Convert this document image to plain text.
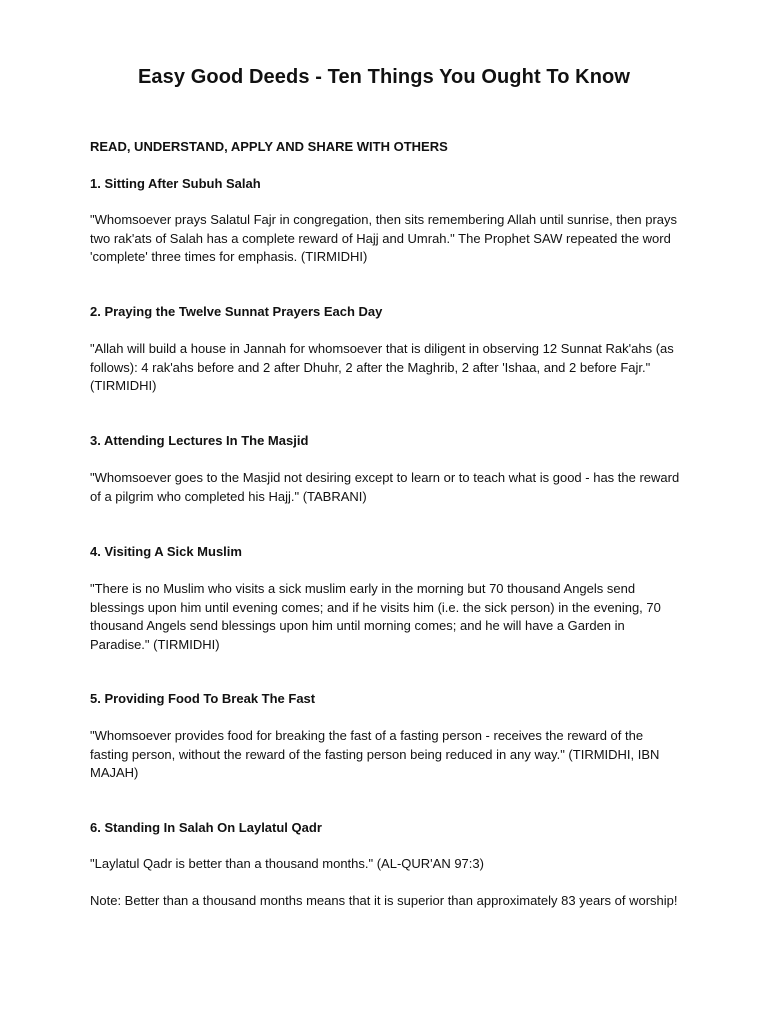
Easy Good Deeds - Ten Things You Ought To Know

READ, UNDERSTAND, APPLY AND SHARE WITH OTHERS

1. Sitting After Subuh Salah

"Whomsoever prays Salatul Fajr in congregation, then sits remembering Allah until sunrise, then prays two rak'ats of Salah has a complete reward of Hajj and Umrah." The Prophet SAW repeated the word 'complete' three times for emphasis. (TIRMIDHI)

2. Praying the Twelve Sunnat Prayers Each Day

"Allah will build a house in Jannah for whomsoever that is diligent in observing 12 Sunnat Rak'ahs (as follows): 4 rak'ahs before and 2 after Dhuhr, 2 after the Maghrib, 2 after 'Ishaa, and 2 before Fajr." (TIRMIDHI)

3. Attending Lectures In The Masjid

"Whomsoever goes to the Masjid not desiring except to learn or to teach what is good - has the reward of a pilgrim who completed his Hajj." (TABRANI)

4. Visiting A Sick Muslim

"There is no Muslim who visits a sick muslim early in the morning but 70 thousand Angels send blessings upon him until evening comes; and if he visits him (i.e. the sick person) in the evening, 70 thousand Angels send blessings upon him until morning comes; and he will have a Garden in Paradise." (TIRMIDHI)

5. Providing Food To Break The Fast

"Whomsoever provides food for breaking the fast of a fasting person - receives the reward of the fasting person, without the reward of the fasting person being reduced in any way." (TIRMIDHI, IBN MAJAH)

6. Standing In Salah On Laylatul Qadr

"Laylatul Qadr is better than a thousand months." (AL-QUR'AN 97:3)

Note: Better than a thousand months means that it is superior than approximately 83 years of worship!
